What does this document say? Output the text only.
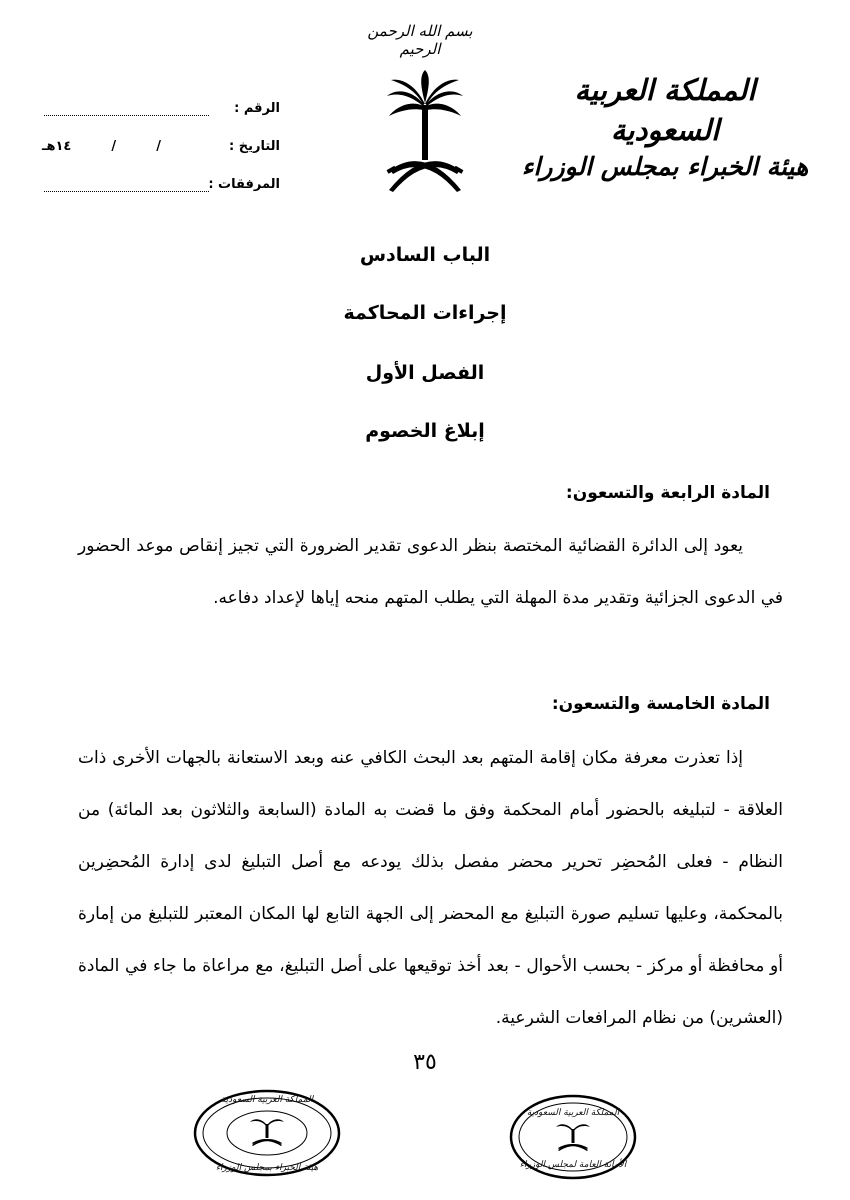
بسم الله الرحمن الرحيم
المملكة العربية السعودية
هيئة الخبراء بمجلس الوزراء
الرقم :
التاريخ :
١٤هـ	/	/
المرفقات :
الباب السادس
إجراءات المحاكمة
الفصل الأول
إبلاغ الخصوم
المادة الرابعة والتسعون:

يعود إلى الدائرة القضائية المختصة بنظر الدعوى تقدير الضرورة التي تجيز إنقاص موعد الحضور في الدعوى الجزائية وتقدير مدة المهلة التي يطلب المتهم منحه إياها لإعداد دفاعه.

المادة الخامسة والتسعون:

إذا تعذرت معرفة مكان إقامة المتهم بعد البحث الكافي عنه وبعد الاستعانة بالجهات الأخرى ذات العلاقة - لتبليغه بالحضور أمام المحكمة وفق ما قضت به المادة (السابعة والثلاثون بعد المائة) من النظام - فعلى المُحضِر تحرير محضر مفصل بذلك يودعه مع أصل التبليغ لدى إدارة المُحضِرين بالمحكمة، وعليها تسليم صورة التبليغ مع المحضر إلى الجهة التابع لها المكان المعتبر للتبليغ من إمارة أو محافظة أو مركز - بحسب الأحوال - بعد أخذ توقيعها على أصل التبليغ، مع مراعاة ما جاء في المادة (العشرين) من نظام المرافعات الشرعية.

٣٥
المملكة العربية السعودية
هيئة الخبراء بمجلس الوزراء
المملكة العربية السعودية
الأمانة العامة لمجلس الوزراء
